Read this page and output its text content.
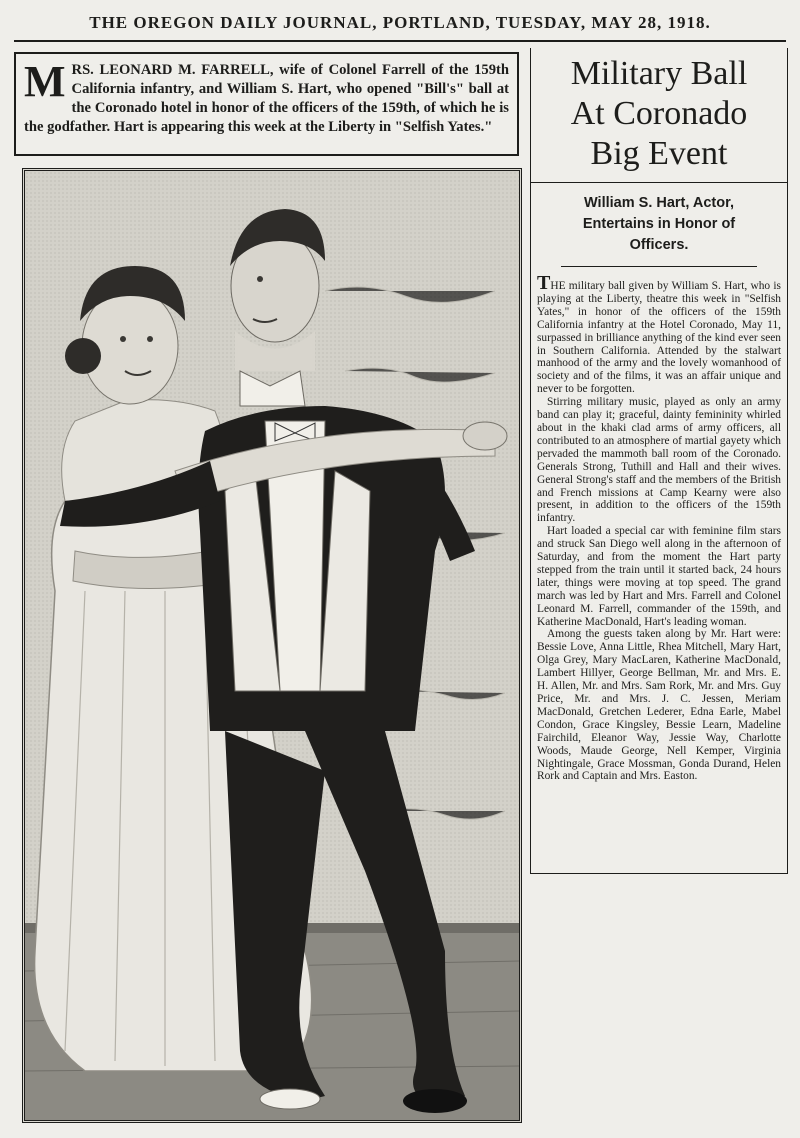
THE OREGON DAILY JOURNAL, PORTLAND, TUESDAY, MAY 28, 1918.
M RS. LEONARD M. FARRELL, wife of Colonel Farrell of the 159th California infantry, and William S. Hart, who opened "Bill's" ball at the Coronado hotel in honor of the officers of the 159th, of which he is the godfather. Hart is appearing this week at the Liberty in "Selfish Yates."
Military Ball
At Coronado
Big Event
William S. Hart, Actor, Entertains in Honor of Officers.

THE military ball given by William S. Hart, who is playing at the Liberty, theatre this week in "Selfish Yates," in honor of the officers of the 159th California infantry at the Hotel Coronado, May 11, surpassed in brilliance anything of the kind ever seen in Southern California. Attended by the stalwart manhood of the army and the lovely womanhood of society and of the films, it was an affair unique and never to be forgotten.

Stirring military music, played as only an army band can play it; graceful, dainty femininity whirled about in the khaki clad arms of army officers, all contributed to an atmosphere of martial gayety which pervaded the mammoth ball room of the Coronado. Generals Strong, Tuthill and Hall and their wives. General Strong's staff and the members of the British and French missions at Camp Kearny were also present, in addition to the officers of the 159th infantry.

Hart loaded a special car with feminine film stars and struck San Diego well along in the afternoon of Saturday, and from the moment the Hart party stepped from the train until it started back, 24 hours later, things were moving at top speed. The grand march was led by Hart and Mrs. Farrell and Colonel Leonard M. Farrell, commander of the 159th, and Katherine MacDonald, Hart's leading woman.

Among the guests taken along by Mr. Hart were: Bessie Love, Anna Little, Rhea Mitchell, Mary Hart, Olga Grey, Mary MacLaren, Katherine MacDonald, Lambert Hillyer, George Bellman, Mr. and Mrs. E. H. Allen, Mr. and Mrs. Sam Rork, Mr. and Mrs. Guy Price, Mr. and Mrs. J. C. Jessen, Meriam MacDonald, Gretchen Lederer, Edna Earle, Mabel Condon, Grace Kingsley, Bessie Learn, Madeline Fairchild, Eleanor Way, Jessie Way, Charlotte Woods, Maude George, Nell Kemper, Virginia Nightingale, Grace Mossman, Gonda Durand, Helen Rork and Captain and Mrs. Easton.
